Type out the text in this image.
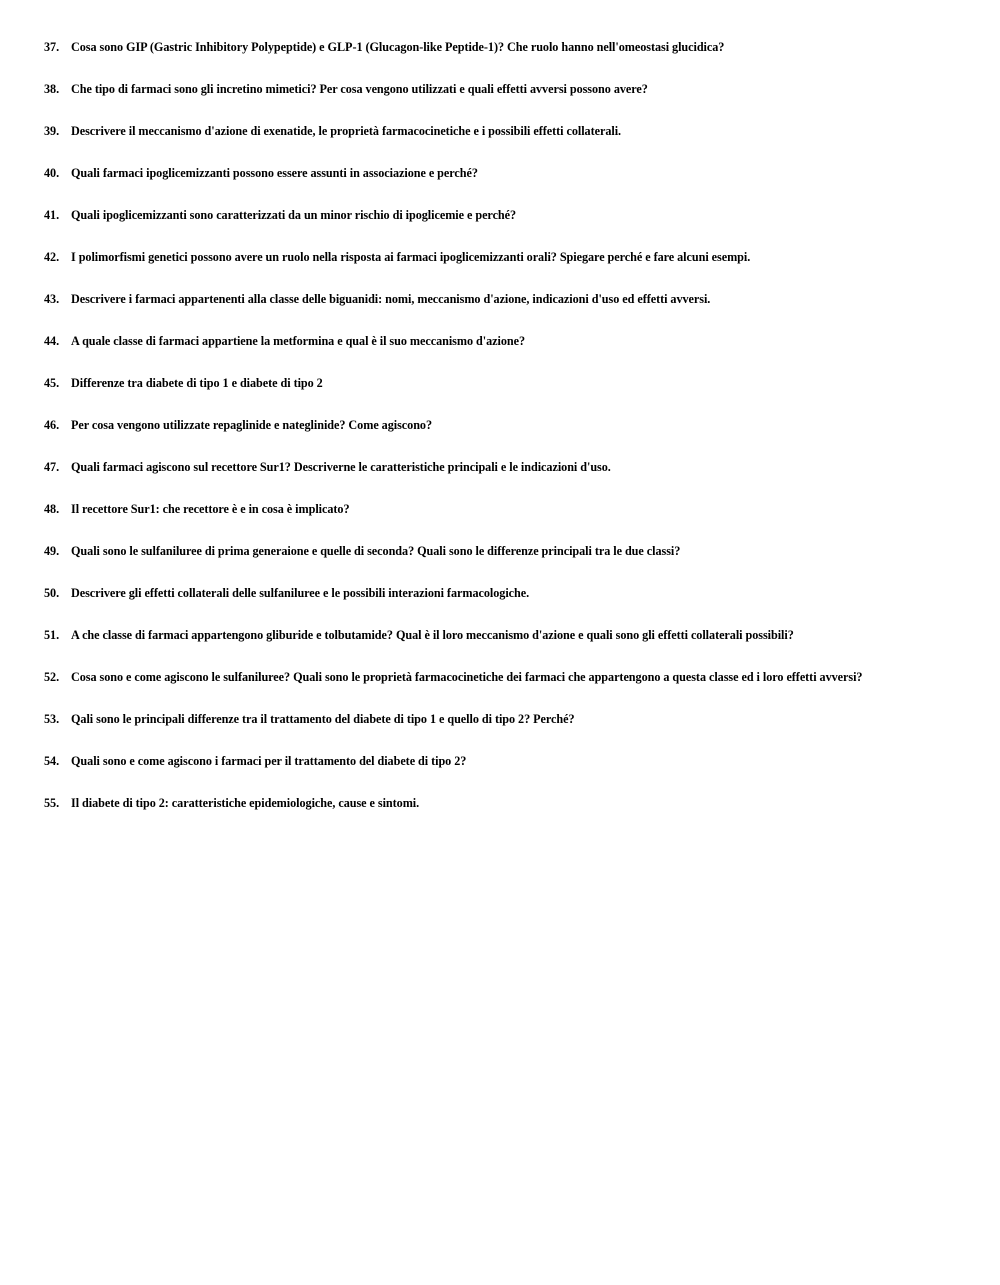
37. Cosa sono GIP (Gastric Inhibitory Polypeptide) e GLP-1 (Glucagon-like Peptide-1)? Che ruolo hanno nell'omeostasi glucidica?
38. Che tipo di farmaci sono gli incretino mimetici? Per cosa vengono utilizzati e quali effetti avversi possono avere?
39. Descrivere il meccanismo d'azione di exenatide, le proprietà farmacocinetiche e i possibili effetti collaterali.
40. Quali farmaci ipoglicemizzanti possono essere assunti in associazione e perché?
41. Quali ipoglicemizzanti sono caratterizzati da un minor rischio di ipoglicemie e perché?
42. I polimorfismi genetici possono avere un ruolo nella risposta ai farmaci ipoglicemizzanti orali? Spiegare perché e fare alcuni esempi.
43. Descrivere i farmaci appartenenti alla classe delle biguanidi: nomi, meccanismo d'azione, indicazioni d'uso ed effetti avversi.
44. A quale classe di farmaci appartiene la metformina e qual è il suo meccanismo d'azione?
45. Differenze tra diabete di tipo 1 e diabete di tipo 2
46. Per cosa vengono utilizzate repaglinide e nateglinide? Come agiscono?
47. Quali farmaci agiscono sul recettore Sur1? Descriverne le caratteristiche principali e le indicazioni d'uso.
48. Il recettore Sur1: che recettore è e in cosa è implicato?
49. Quali sono le sulfaniluree di prima generaione e quelle di seconda? Quali sono le differenze principali tra le due classi?
50. Descrivere gli effetti collaterali delle sulfaniluree e le possibili interazioni farmacologiche.
51. A che classe di farmaci appartengono gliburide e tolbutamide? Qual è il loro meccanismo d'azione e quali sono gli effetti collaterali possibili?
52. Cosa sono e come agiscono le sulfaniluree? Quali sono le proprietà farmacocinetiche dei farmaci che appartengono a questa classe ed i loro effetti avversi?
53. Qali sono le principali differenze tra il trattamento del diabete di tipo 1 e quello di tipo 2? Perché?
54. Quali sono e come agiscono i farmaci per il trattamento del diabete di tipo 2?
55. Il diabete di tipo 2: caratteristiche epidemiologiche, cause e sintomi.
